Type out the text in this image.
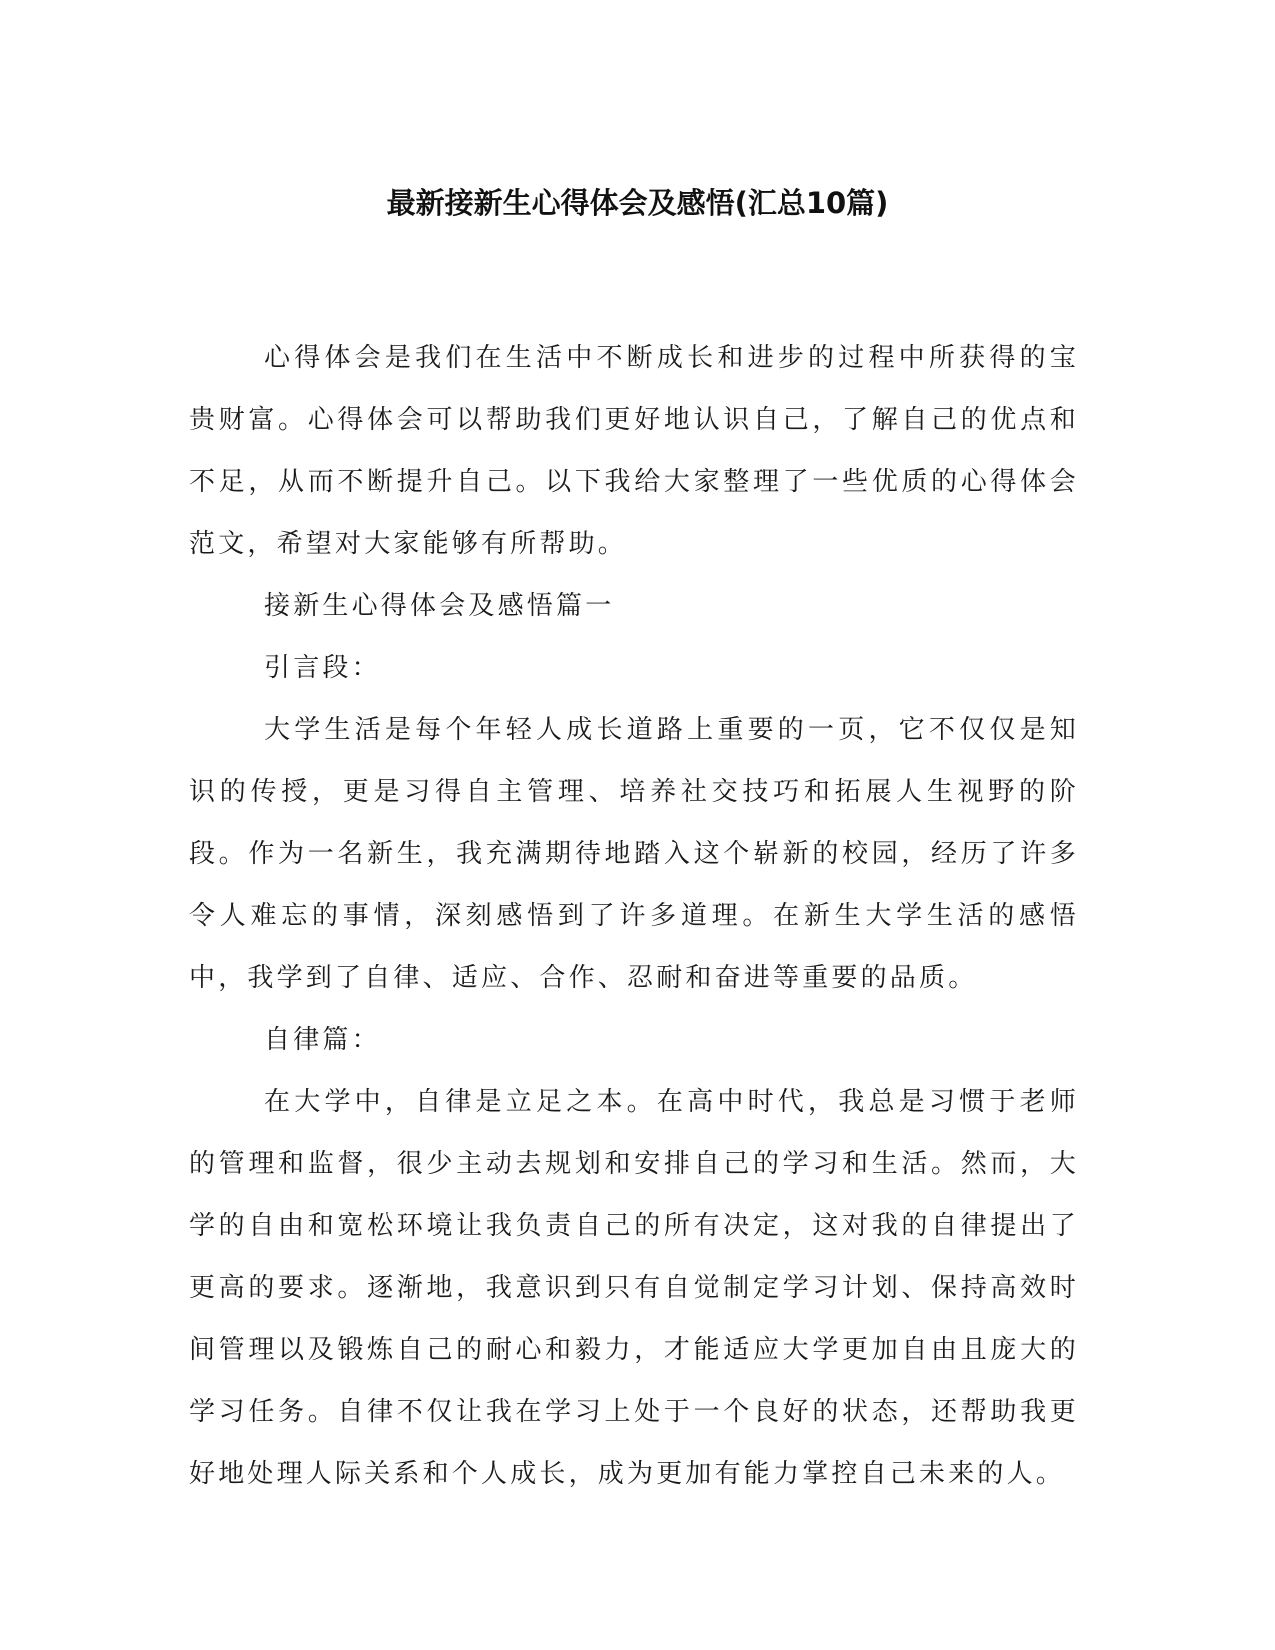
最新接新生心得体会及感悟(汇总10篇)

心得体会是我们在生活中不断成长和进步的过程中所获得的宝贵财富。心得体会可以帮助我们更好地认识自己，了解自己的优点和不足，从而不断提升自己。以下我给大家整理了一些优质的心得体会范文，希望对大家能够有所帮助。

接新生心得体会及感悟篇一

引言段：

大学生活是每个年轻人成长道路上重要的一页，它不仅仅是知识的传授，更是习得自主管理、培养社交技巧和拓展人生视野的阶段。作为一名新生，我充满期待地踏入这个崭新的校园，经历了许多令人难忘的事情，深刻感悟到了许多道理。在新生大学生活的感悟中，我学到了自律、适应、合作、忍耐和奋进等重要的品质。

自律篇：

在大学中，自律是立足之本。在高中时代，我总是习惯于老师的管理和监督，很少主动去规划和安排自己的学习和生活。然而，大学的自由和宽松环境让我负责自己的所有决定，这对我的自律提出了更高的要求。逐渐地，我意识到只有自觉制定学习计划、保持高效时间管理以及锻炼自己的耐心和毅力，才能适应大学更加自由且庞大的学习任务。自律不仅让我在学习上处于一个良好的状态，还帮助我更好地处理人际关系和个人成长，成为更加有能力掌控自己未来的人。
